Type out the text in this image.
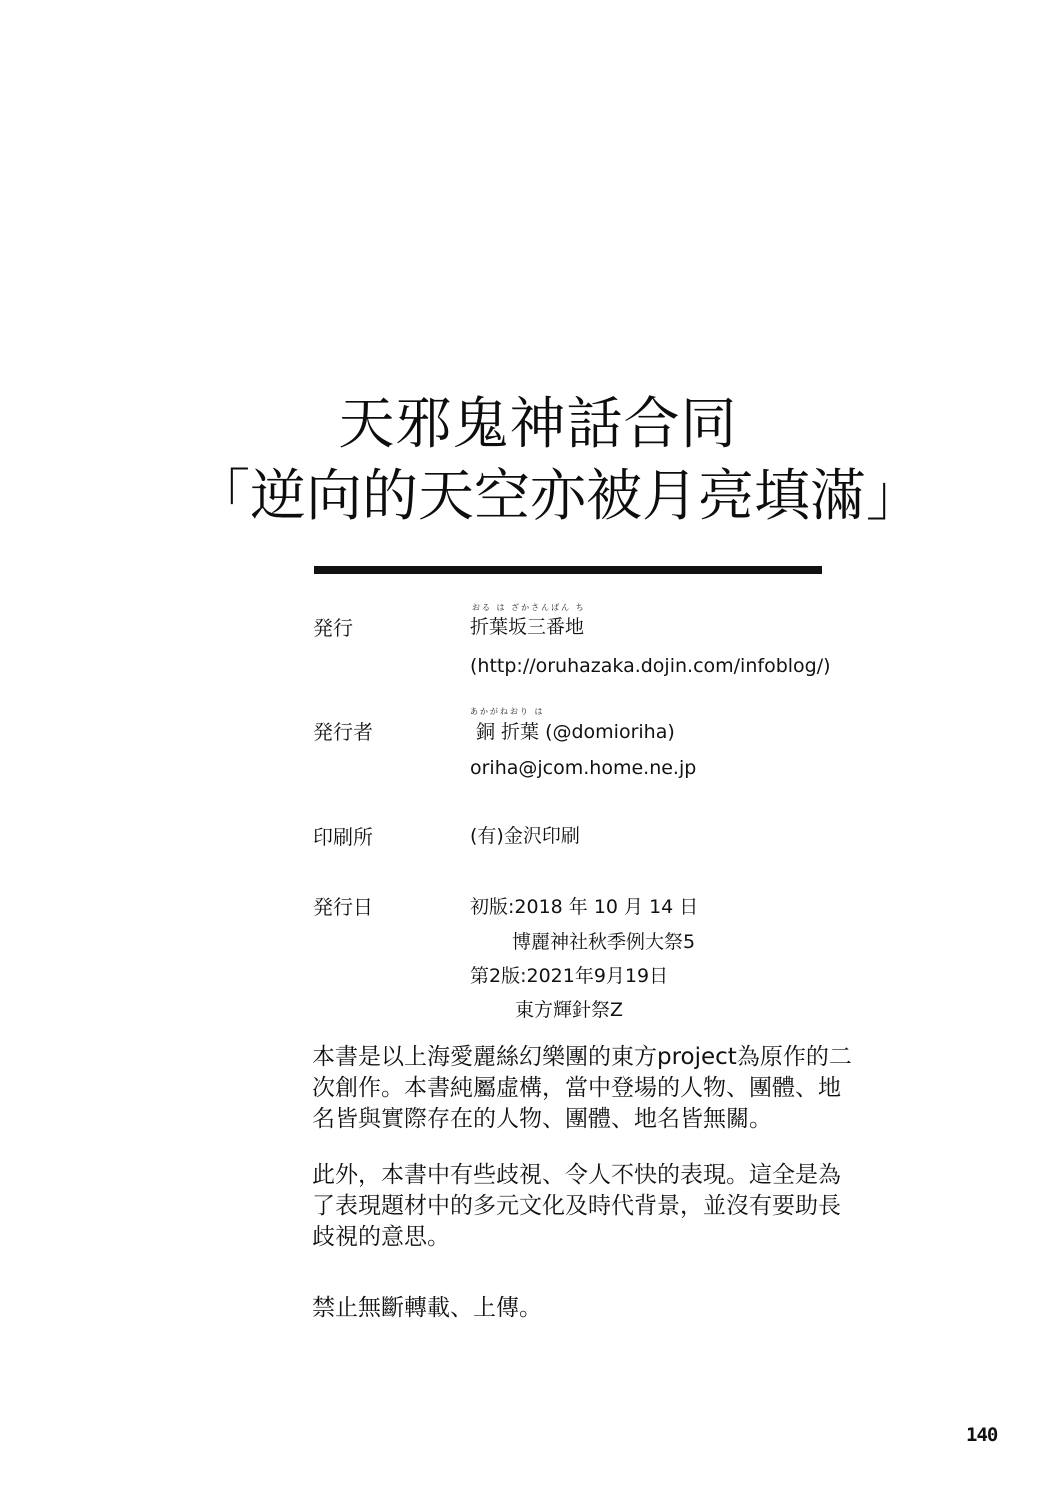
天邪鬼神話合同
「逆向的天空亦被月亮填滿」
発行
おる は ざかさんばん ち
折葉坂三番地
(http://oruhazaka.dojin.com/infoblog/)
発行者
あかがねおり は
銅 折葉 (@domioriha)
oriha@jcom.home.ne.jp
印刷所	(有)金沢印刷
発行日	初版:2018 年 10 月 14 日
博麗神社秋季例大祭5
第2版:2021年9月19日
東方輝針祭Z
本書是以上海愛麗絲幻樂團的東方project為原作的二
次創作。本書純屬虛構，當中登場的人物、團體、地
名皆與實際存在的人物、團體、地名皆無關。
此外，本書中有些歧視、令人不快的表現。這全是為
了表現題材中的多元文化及時代背景，並沒有要助長
歧視的意思。
禁止無斷轉載、上傳。
140
